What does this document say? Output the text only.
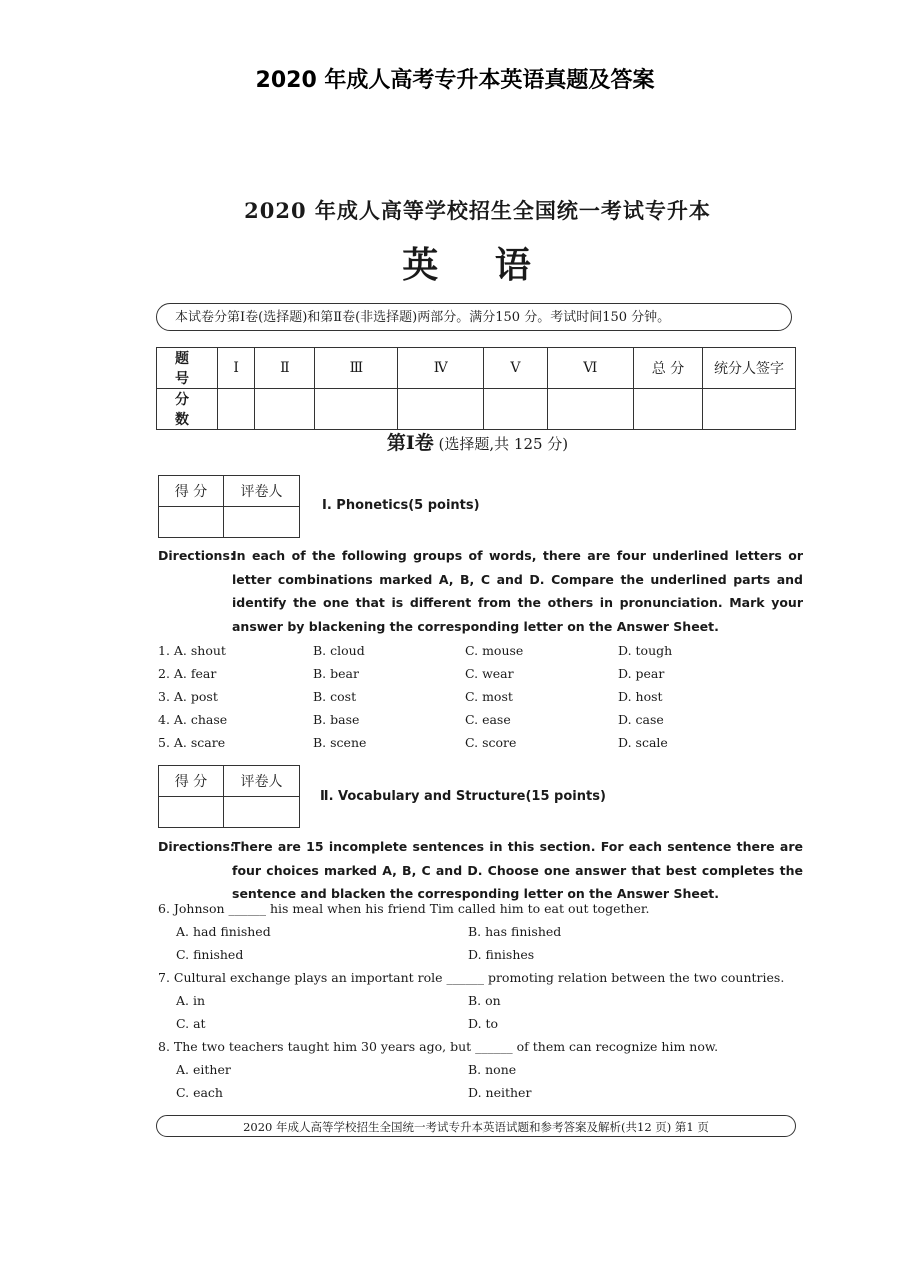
2020 年成人高考专升本英语真题及答案
2020 年成人高等学校招生全国统一考试专升本
英 语
本试卷分第Ⅰ卷(选择题)和第Ⅱ卷(非选择题)两部分。满分150 分。考试时间150 分钟。
题 号	Ⅰ	Ⅱ	Ⅲ	Ⅳ	Ⅴ	Ⅵ	总 分	统分人签字
分 数								
第Ⅰ卷 (选择题,共 125 分)
得 分	评卷人

Ⅰ. Phonetics(5 points)
Directions:
In each of the following groups of words, there are four underlined letters or letter combinations marked A, B, C and D. Compare the underlined parts and identify the one that is different from the others in pronunciation. Mark your answer by blackening the corresponding letter on the Answer Sheet.
1. A. shout	B. cloud	C. mouse	D. tough
2. A. fear	B. bear	C. wear	D. pear
3. A. post	B. cost	C. most	D. host
4. A. chase	B. base	C. ease	D. case
5. A. scare	B. scene	C. score	D. scale
得 分	评卷人

Ⅱ. Vocabulary and Structure(15 points)
Directions:
There are 15 incomplete sentences in this section. For each sentence there are four choices marked A, B, C and D. Choose one answer that best completes the sentence and blacken the corresponding letter on the Answer Sheet.
6. Johnson ______ his meal when his friend Tim called him to eat out together.
A. had finished	B. has finished
C. finished	D. finishes
7. Cultural exchange plays an important role ______ promoting relation between the two countries.
A. in	B. on
C. at	D. to
8. The two teachers taught him 30 years ago, but ______ of them can recognize him now.
A. either	B. none
C. each	D. neither
2020 年成人高等学校招生全国统一考试专升本英语试题和参考答案及解析(共12 页) 第1 页
